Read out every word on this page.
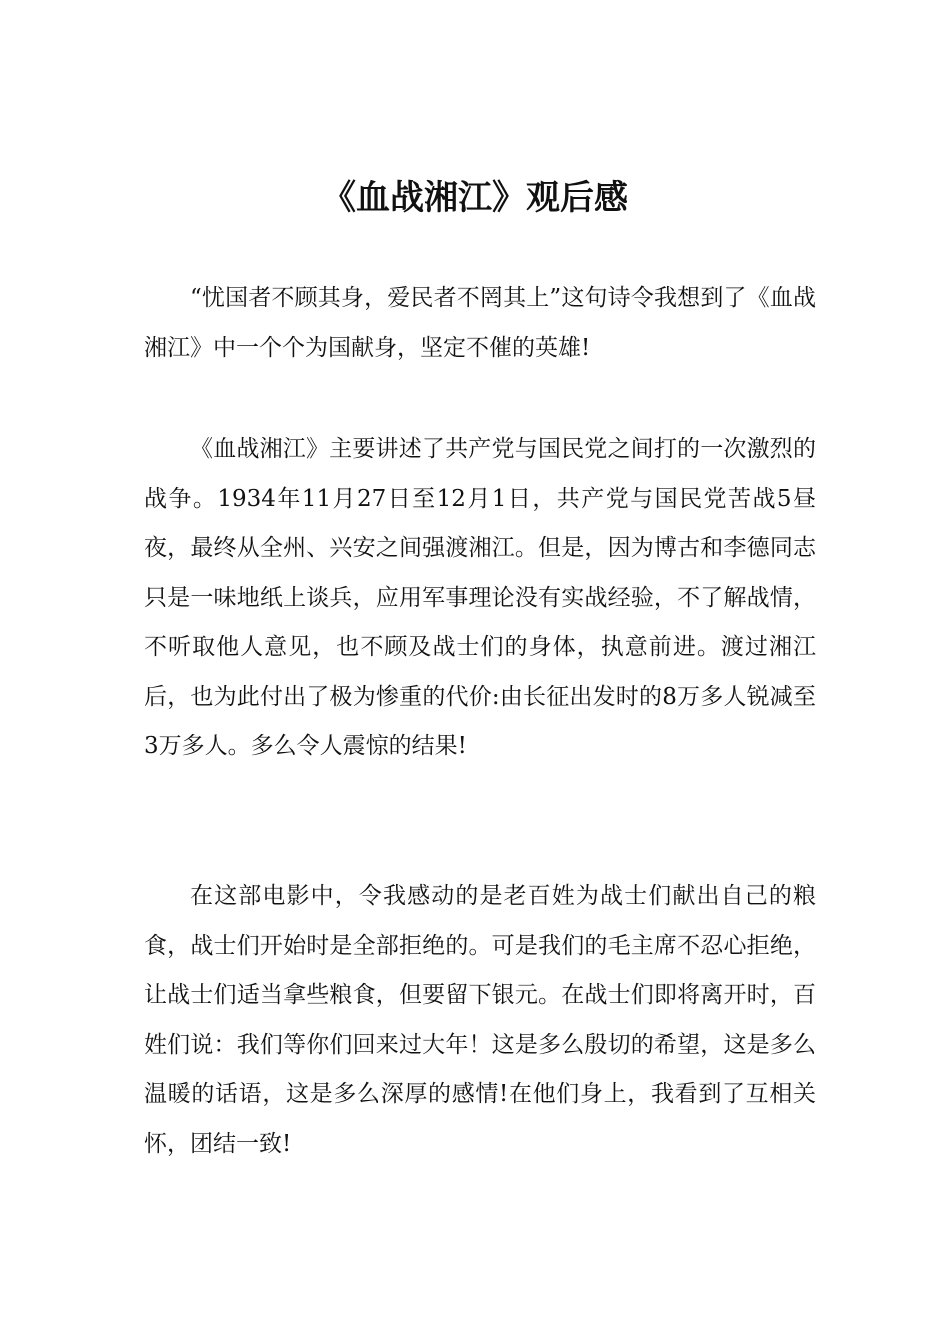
《血战湘江》观后感

“忧国者不顾其身，爱民者不罔其上”这句诗令我想到了《血战湘江》中一个个为国献身，坚定不催的英雄!

《血战湘江》主要讲述了共产党与国民党之间打的一次激烈的战争。1934年11月27日至12月1日，共产党与国民党苦战5昼夜，最终从全州、兴安之间强渡湘江。但是，因为博古和李德同志只是一味地纸上谈兵，应用军事理论没有实战经验，不了解战情，不听取他人意见，也不顾及战士们的身体，执意前进。渡过湘江后，也为此付出了极为惨重的代价:由长征出发时的8万多人锐减至3万多人。多么令人震惊的结果!

在这部电影中，令我感动的是老百姓为战士们献出自己的粮食，战士们开始时是全部拒绝的。可是我们的毛主席不忍心拒绝，让战士们适当拿些粮食，但要留下银元。在战士们即将离开时，百姓们说：我们等你们回来过大年！这是多么殷切的希望，这是多么温暖的话语，这是多么深厚的感情!在他们身上，我看到了互相关怀，团结一致!
